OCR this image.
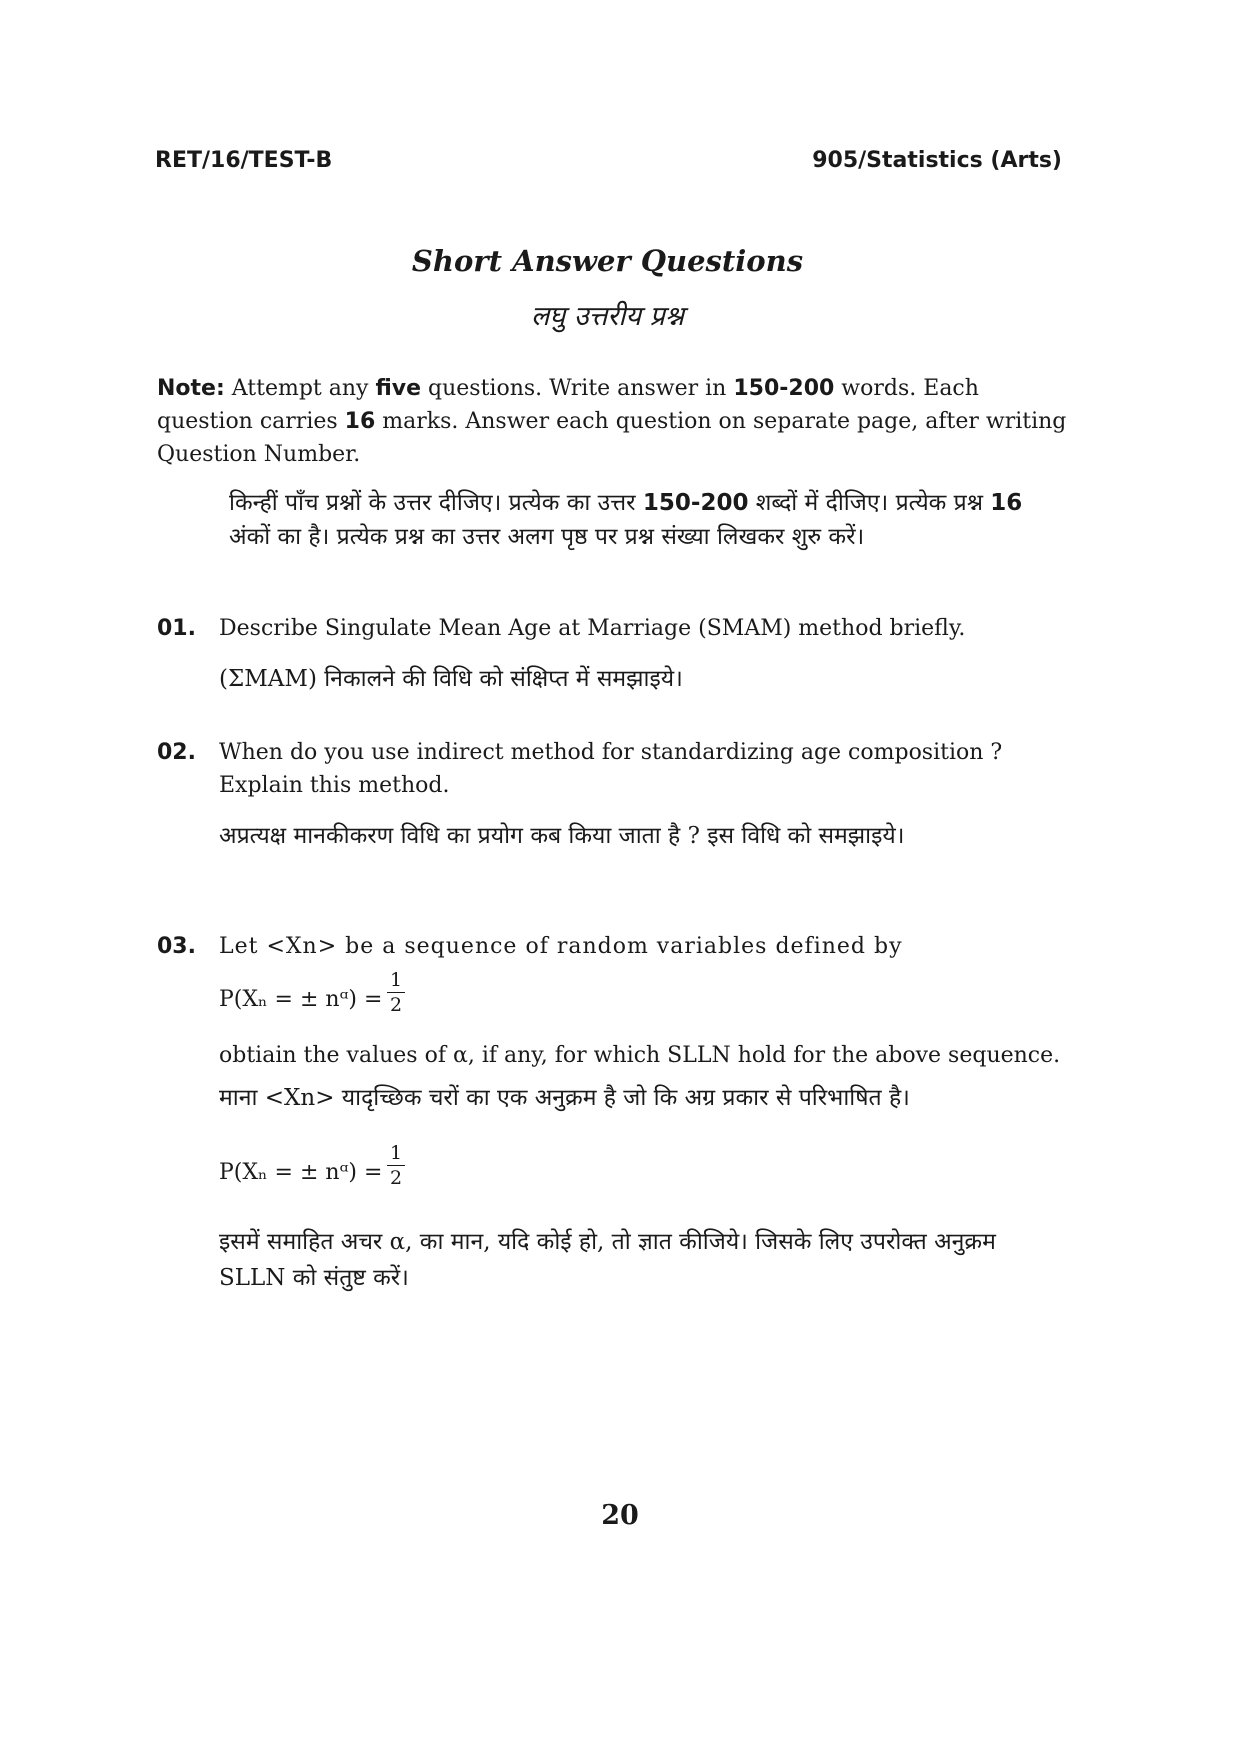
RET/16/TEST-B	905/Statistics (Arts)
Short Answer Questions
लघु उत्तरीय प्रश्न
Note: Attempt any five questions. Write answer in 150-200 words. Each question carries 16 marks. Answer each question on separate page, after writing Question Number.
किन्हीं पाँच प्रश्नों के उत्तर दीजिए। प्रत्येक का उत्तर 150-200 शब्दों में दीजिए। प्रत्येक प्रश्न 16 अंकों का है। प्रत्येक प्रश्न का उत्तर अलग पृष्ठ पर प्रश्न संख्या लिखकर शुरु करें।
01.	Describe Singulate Mean Age at Marriage (SMAM) method briefly.
(ΣMAM) निकालने की विधि को संक्षिप्त में समझाइये।
02.	When do you use indirect method for standardizing age composition ? Explain this method.
अप्रत्यक्ष मानकीकरण विधि का प्रयोग कब किया जाता है ? इस विधि को समझाइये।
03.	Let <Xn> be a sequence of random variables defined by
P(Xₙ = ± nᵅ) =
1
2
obtiain the values of α, if any, for which SLLN hold for the above sequence.
माना <Xn> यादृच्छिक चरों का एक अनुक्रम है जो कि अग्र प्रकार से परिभाषित है।
P(Xₙ = ± nᵅ) =
1
2
इसमें समाहित अचर α, का मान, यदि कोई हो, तो ज्ञात कीजिये। जिसके लिए उपरोक्त अनुक्रम SLLN को संतुष्ट करें।
20
